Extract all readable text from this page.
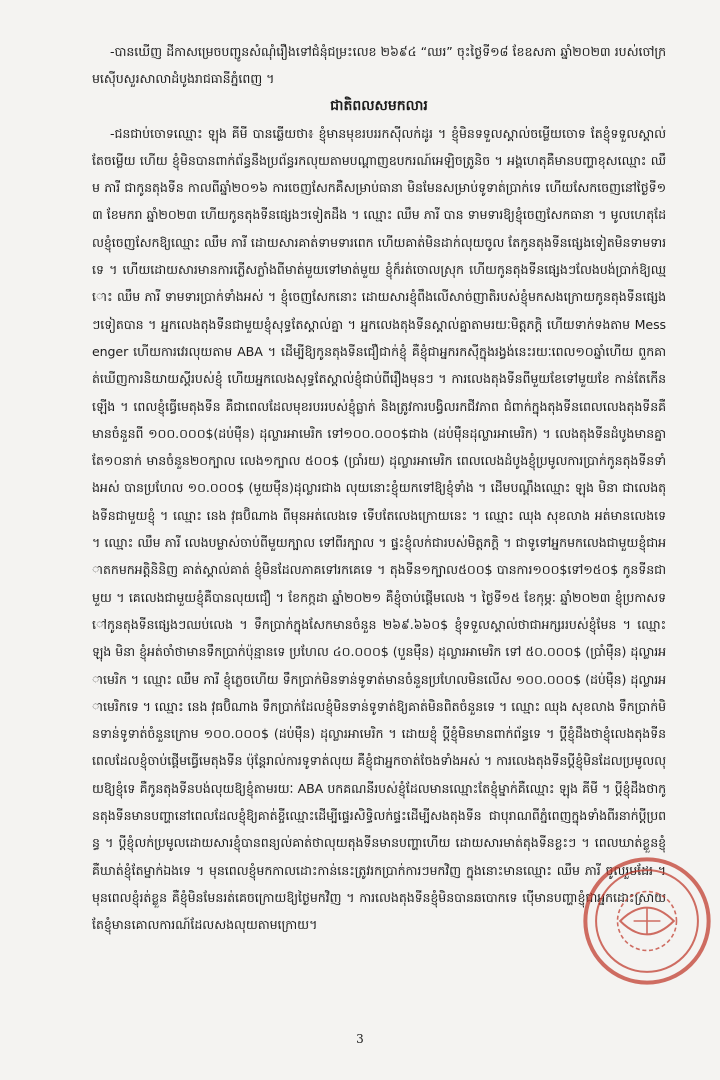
-បានឃើញ ដីកាសម្រេចបញ្ជូនសំណុំរឿងទៅជំនុំជម្រះលេខ ២៦៩៤ “ឈរ” ចុះថ្ងៃទី១៨ ខែឧសភា ឆ្នាំ២០២៣ របស់ចៅក្រមស៊ើបសួរសាលាដំបូងរាជធានីភ្នំពេញ ។

ជាតិពលសមកលារ

-ជនជាប់ចោទឈ្មោះ ឡុង គីមី បានឆ្លើយថា៖ ខ្ញុំមានមុខរបររកស៊ីលក់ដូរ ។ ខ្ញុំមិនទទួលស្គាល់ចម្លើយចោទ តែខ្ញុំទទួលស្គាល់តែចម្លើយ ហើយ ខ្ញុំមិនបានពាក់ព័ន្ធនឹងប្រព័ន្ធរកលុយតាមបណ្តាញឧបករណ៍អេឡិចត្រូនិច ។ អង្គហេតុគឺមានបញ្ហាខុសឈ្មោះ ឈឹម ភារី ជាកូនតុងទីន កាលពីឆ្នាំ២០១៦ ការចេញសែកគឺសម្រាប់ធានា មិនមែនសម្រាប់ទូទាត់ប្រាក់ទេ ហើយសែកចេញនៅថ្ងៃទី១៣ ខែមករា ឆ្នាំ២០២៣ ហើយកូនតុងទីនផ្សេងៗទៀតដឹង ។ ឈ្មោះ ឈឹម ភារី បាន ទាមទារឱ្យខ្ញុំចេញសែកធានា ។ មូលហេតុដែលខ្ញុំចេញសែកឱ្យឈ្មោះ ឈឹម ភារី ដោយសារគាត់ទាមទារពេក ហើយគាត់មិនដាក់លុយចូល តែកូនតុងទីនផ្សេងទៀតមិនទាមទារទេ ។ ហើយដោយសារមានការភ្លើសភ្លាំងពីមាត់មួយទៅមាត់មួយ ខ្ញុំក៏រត់ចោលស្រុក ហើយកូនតុងទីនផ្សេងៗលែងបង់ប្រាក់ឱ្យឈ្មោះ ឈឹម ភារី ទាមទារប្រាក់ទាំងអស់ ។ ខ្ញុំចេញសែកនោះ ដោយសារខ្ញុំពឹងលើសាច់ញាតិរបស់ខ្ញុំមកសងក្រោយកូនតុងទីនផ្សេងៗទៀតបាន ។ អ្នកលេងតុងទីនជាមួយខ្ញុំសុទ្ធតែស្គាល់គ្នា ។ អ្នកលេងតុងទីនស្គាល់គ្នាតាមរយៈមិត្តភក្តិ ហើយទាក់ទងតាម Messenger ហើយការវេរលុយតាម ABA ។ ដើម្បីឱ្យកូនតុងទីនជឿជាក់ខ្ញុំ គឺខ្ញុំជាអ្នករកស៊ីក្នុងរង្វង់នេះរយៈពេល១០ឆ្នាំហើយ ពួកគាត់ឃើញការនិយាយស្តីរបស់ខ្ញុំ ហើយអ្នកលេងសុទ្ធតែស្គាល់ខ្ញុំជាប់ពីរឿងមុនៗ ។ ការលេងតុងទីនពីមួយខែទៅមួយខែ កាន់តែកើនឡើង ។ ពេលខ្ញុំធ្វើមេតុងទីន គឺជាពេលដែលមុខរបររបស់ខ្ញុំធ្លាក់ និងត្រូវការបង្វិលរកជីវភាព ជំពាក់ក្នុងតុងទីនពេលលេងតុងទីនគឺមានចំនួនពី ១០០.០០០$(ដប់ម៉ឺន) ដុល្លារអាមេរិក ទៅ១០០.០០០$ជាង (ដប់ម៉ឺនដុល្លារអាមេរិក) ។ លេងតុងទីនដំបូងមានគ្នាតែ១០នាក់ មានចំនួន២០ក្បាល លេង១ក្បាល ៥០០$ (ប្រាំរយ) ដុល្លារអាមេរិក ពេលលេងដំបូងខ្ញុំប្រមូលការប្រាក់កូនតុងទីនទាំងអស់ បានប្រហែល ១០.០០០$ (មួយម៉ឺន)ដុល្លារជាង លុយនោះខ្ញុំយកទៅឱ្យខ្ញុំទាំង ។ ដើមបណ្តឹងឈ្មោះ ឡុង មិនា ជាលេងតុងទីនជាមួយខ្ញុំ ។ ឈ្មោះ នេង វុធប៊ិណាង ពីមុនអត់លេងទេ ទើបតែលេងក្រោយនេះ ។ ឈ្មោះ ឈុង សុខលាង អត់មានលេងទេ ។ ឈ្មោះ ឈឹម ភារី លេងបម្លាស់ចាប់ពីមួយក្បាល ទៅពីរក្បាល ។ ផ្ទះខ្ញុំលក់ជារបស់មិត្តភក្តិ ។ ជាទូទៅអ្នកមកលេងជាមួយខ្ញុំជាអាតកមកអត្តិនិនិញ គាត់ស្គាល់គាត់ ខ្ញុំមិនដែលភាគទៅរកគេទេ ។ តុងទីន១ក្បាល៥០០$ បានការ១០០$ទៅ១៥០$ កូនទីនជាមួយ ។ គេលេងជាមួយខ្ញុំគឺបានលុយជឿ ។ ខែកក្កដា ឆ្នាំ២០២១ គឺខ្ញុំចាប់ផ្តើមលេង ។ ថ្ងៃទី១៥ ខែកុម្ភៈ ឆ្នាំ២០២៣ ខ្ញុំប្រកាសទៅកូនតុងទីនផ្សេងៗឈប់លេង ។ ទឹកប្រាក់ក្នុងសែកមានចំនួន ២៦៩.៦៦០$ ខ្ញុំទទួលស្គាល់ថាជាអក្សររបស់ខ្ញុំមែន ។ ឈ្មោះ ឡុង មិនា ខ្ញុំអត់ចាំថាមានទឹកប្រាក់ប៉ុន្មានទេ ប្រហែល ៤០.០០០$ (បួនម៉ឺន) ដុល្លារអាមេរិក ទៅ ៥០.០០០$ (ប្រាំម៉ឺន) ដុល្លារអាមេរិក ។ ឈ្មោះ ឈឹម ភារី ខ្ញុំភ្លេចហើយ ទឹកប្រាក់មិនទាន់ទូទាត់មានចំនួនប្រហែលមិនលើស ១០០.០០០$ (ដប់ម៉ឺន) ដុល្លារអាមេរិកទេ ។ ឈ្មោះ នេង វុធប៊ិណាង ទឹកប្រាក់ដែលខ្ញុំមិនទាន់ទូទាត់ឱ្យគាត់មិនពិតចំនួនទេ ។ ឈ្មោះ ឈុង សុខលាង ទឹកប្រាក់មិនទាន់ទូទាត់ចំនួនក្រោម ១០០.០០០$ (ដប់ម៉ឺន) ដុល្លារអាមេរិក ។ ដោយខ្ញុំ ប្ដីខ្ញុំមិនមានពាក់ព័ន្ធទេ ។ ប្ដីខ្ញុំដឹងថាខ្ញុំលេងតុងទីន ពេលដែលខ្ញុំចាប់ផ្តើមធ្វើមេតុងទីន ប៉ុន្តែរាល់ការទូទាត់លុយ គឺខ្ញុំជាអ្នកចាត់ចែងទាំងអស់ ។ ការលេងតុងទីនប្ដីខ្ញុំមិនដែលប្រមូលលុយឱ្យខ្ញុំទេ គឺកូនតុងទីនបង់លុយឱ្យខ្ញុំតាមរយៈ ABA បកគណនីរបស់ខ្ញុំដែលមានឈ្មោះតែខ្ញុំម្នាក់គឺឈ្មោះ ឡុង គីមី ។ ប្ដីខ្ញុំដឹងថាកូនតុងទីនមានបញ្ហានៅពេលដែលខ្ញុំឱ្យគាត់ខ្ចីឈ្មោះដើម្បីផ្ទេរសិទ្ធិលក់ផ្ទះដើម្បីសងតុងទីន ជាបុរាណពីភ្នំពេញក្នុងទាំងពីរនាក់ប្ដីប្រពន្ធ ។ ប្ដីខ្ញុំលក់ប្រមូលដោយសារខ្ញុំបានពន្យល់គាត់ថាលុយតុងទីនមានបញ្ហាហើយ ដោយសារមាត់តុងទីនខ្លះៗ ។ ពេលឃាត់ខ្លួនខ្ញុំគឺឃាត់ខ្ញុំតែម្នាក់ឯងទេ ។ មុនពេលខ្ញុំមកកាលដោះកាន់នេះត្រូវរកប្រាក់ការៗមកវិញ ក្នុងនោះមានឈ្មោះ ឈឹម ភារី ចូលរួមដែរ ។ មុនពេលខ្ញុំរត់ខ្លួន គឺខ្ញុំមិនមែនរត់គេចក្រោយឱ្យថ្ងៃមកវិញ ។ ការលេងតុងទីនខ្ញុំមិនបានឆបោកទេ ប៉ើមានបញ្ហាខ្ញុំជាអ្នកដោះស្រាយ តែខ្ញុំមានគោលការណ៍ដែលសងលុយតាមក្រោយ។

3
